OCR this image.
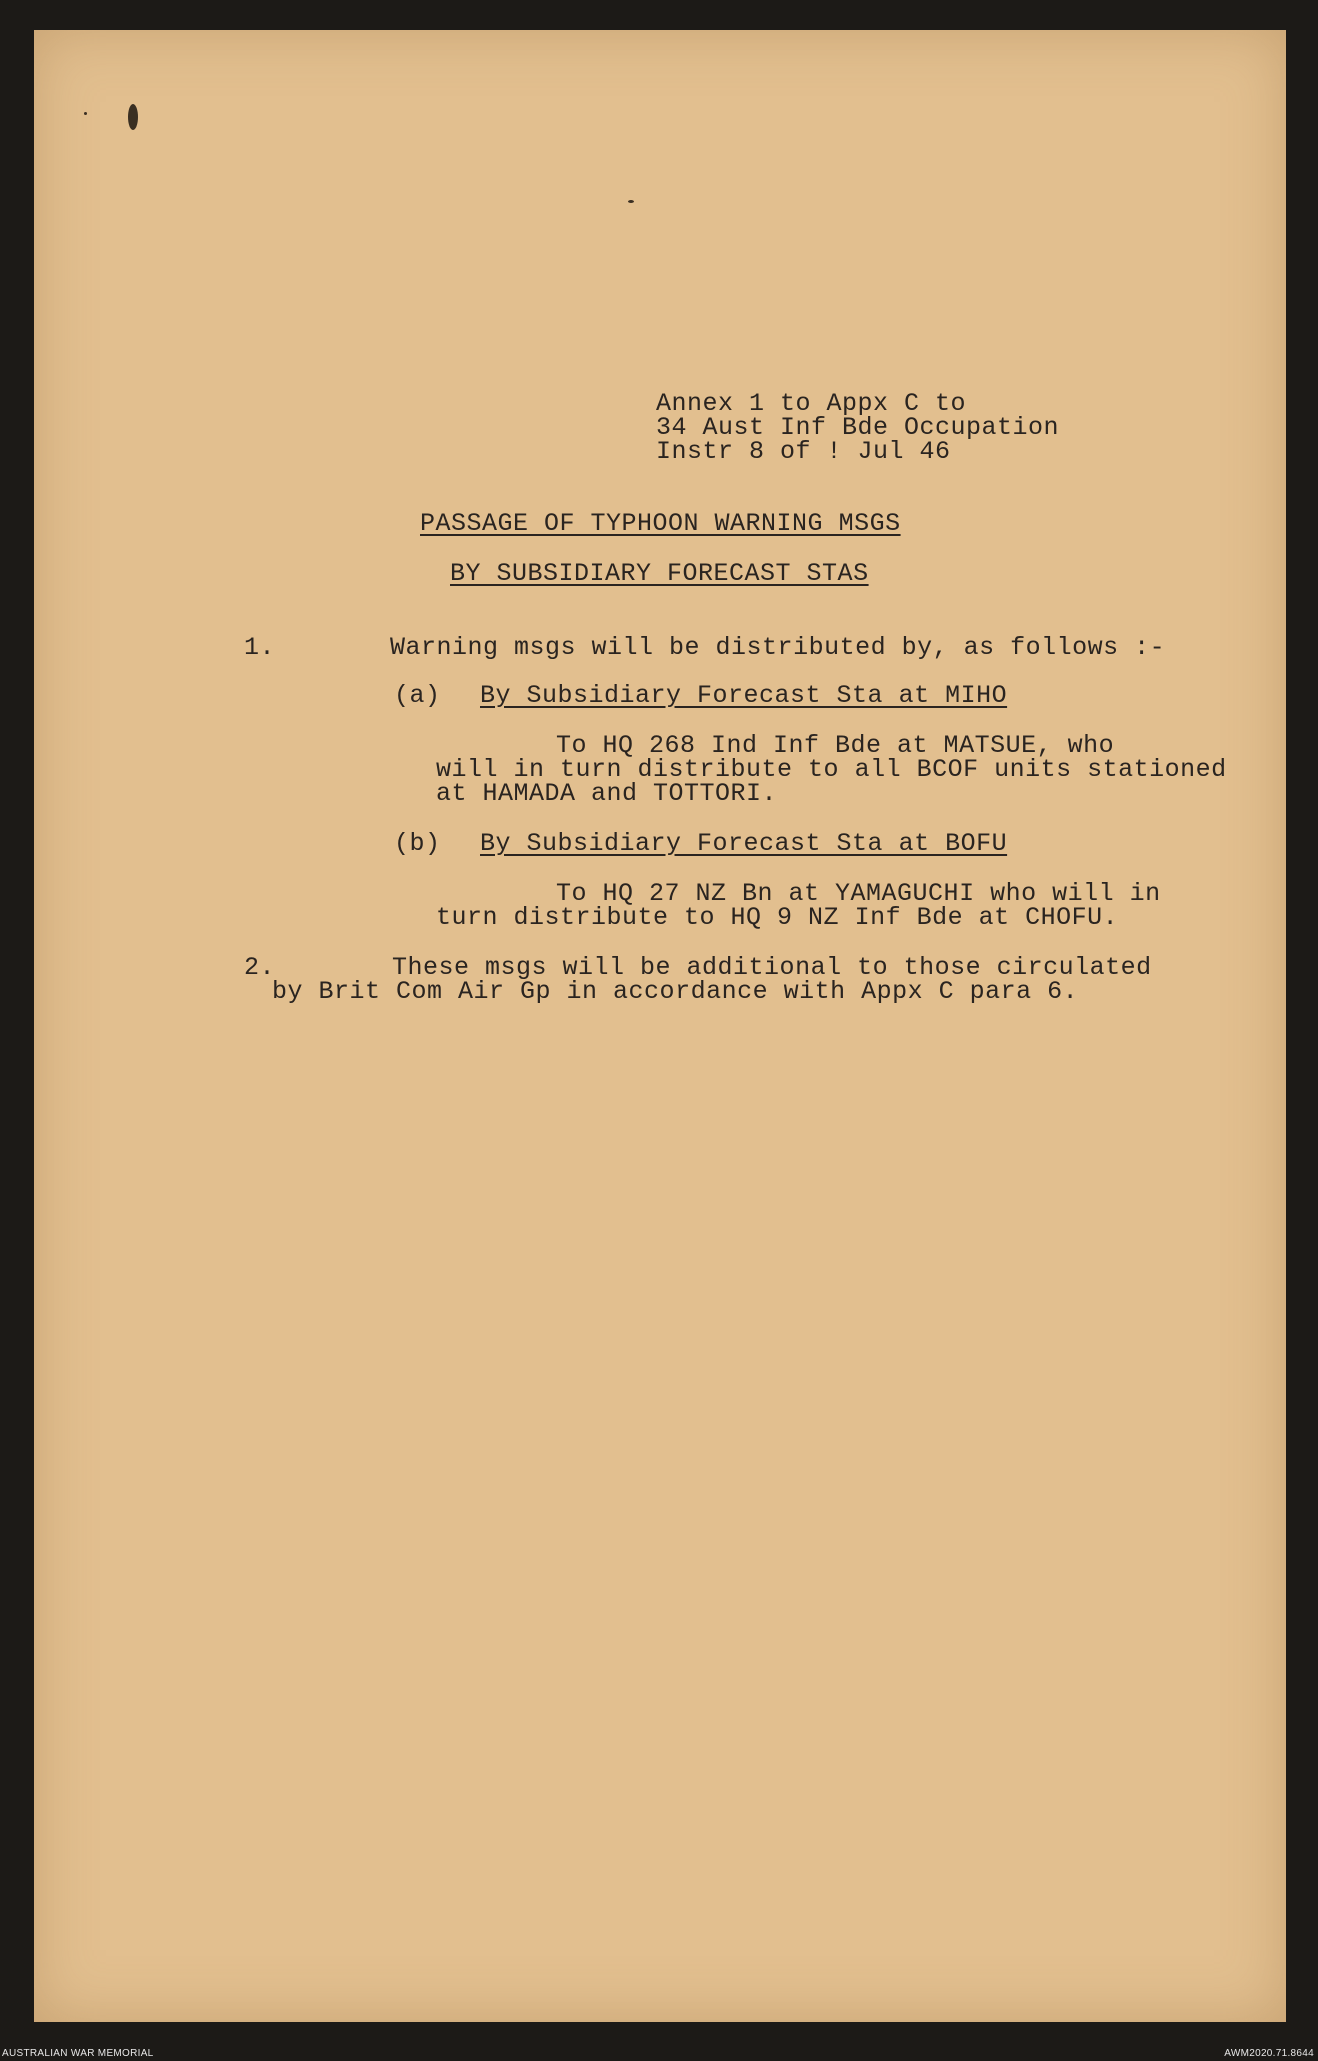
Annex 1 to Appx C to
34 Aust Inf Bde Occupation
Instr 8 of ! Jul 46
PASSAGE OF TYPHOON WARNING MSGS
BY SUBSIDIARY FORECAST STAS
1.	Warning msgs will be distributed by, as follows :-
(a) By Subsidiary Forecast Sta at MIHO
To HQ 268 Ind Inf Bde at MATSUE, who
will in turn distribute to all BCOF units stationed
at HAMADA and TOTTORI.
(b) By Subsidiary Forecast Sta at BOFU
To HQ 27 NZ Bn at YAMAGUCHI who will in
turn distribute to HQ 9 NZ Inf Bde at CHOFU.
2.	These msgs will be additional to those circulated
by Brit Com Air Gp in accordance with Appx C para 6.
AUSTRALIAN WAR MEMORIAL	AWM2020.71.8644
